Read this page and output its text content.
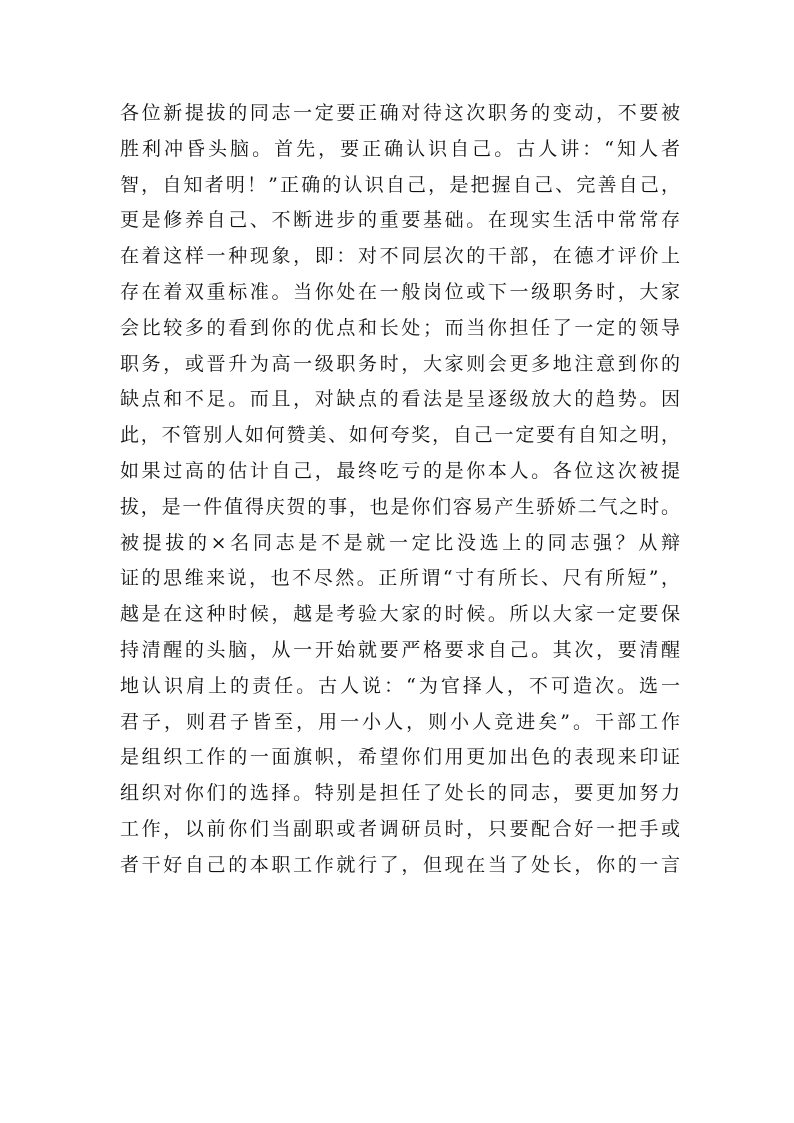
各位新提拔的同志一定要正确对待这次职务的变动，不要被
胜利冲昏头脑。首先，要正确认识自己。古人讲：“知人者
智，自知者明！”正确的认识自己，是把握自己、完善自己，
更是修养自己、不断进步的重要基础。在现实生活中常常存
在着这样一种现象，即：对不同层次的干部，在德才评价上
存在着双重标准。当你处在一般岗位或下一级职务时，大家
会比较多的看到你的优点和长处；而当你担任了一定的领导
职务，或晋升为高一级职务时，大家则会更多地注意到你的
缺点和不足。而且，对缺点的看法是呈逐级放大的趋势。因
此，不管别人如何赞美、如何夸奖，自己一定要有自知之明，
如果过高的估计自己，最终吃亏的是你本人。各位这次被提
拔，是一件值得庆贺的事，也是你们容易产生骄娇二气之时。
被提拔的×名同志是不是就一定比没选上的同志强？从辩
证的思维来说，也不尽然。正所谓“寸有所长、尺有所短”，
越是在这种时候，越是考验大家的时候。所以大家一定要保
持清醒的头脑，从一开始就要严格要求自己。其次，要清醒
地认识肩上的责任。古人说：“为官择人，不可造次。选一
君子，则君子皆至，用一小人，则小人竞进矣”。干部工作
是组织工作的一面旗帜，希望你们用更加出色的表现来印证
组织对你们的选择。特别是担任了处长的同志，要更加努力
工作，以前你们当副职或者调研员时，只要配合好一把手或
者干好自己的本职工作就行了，但现在当了处长，你的一言
